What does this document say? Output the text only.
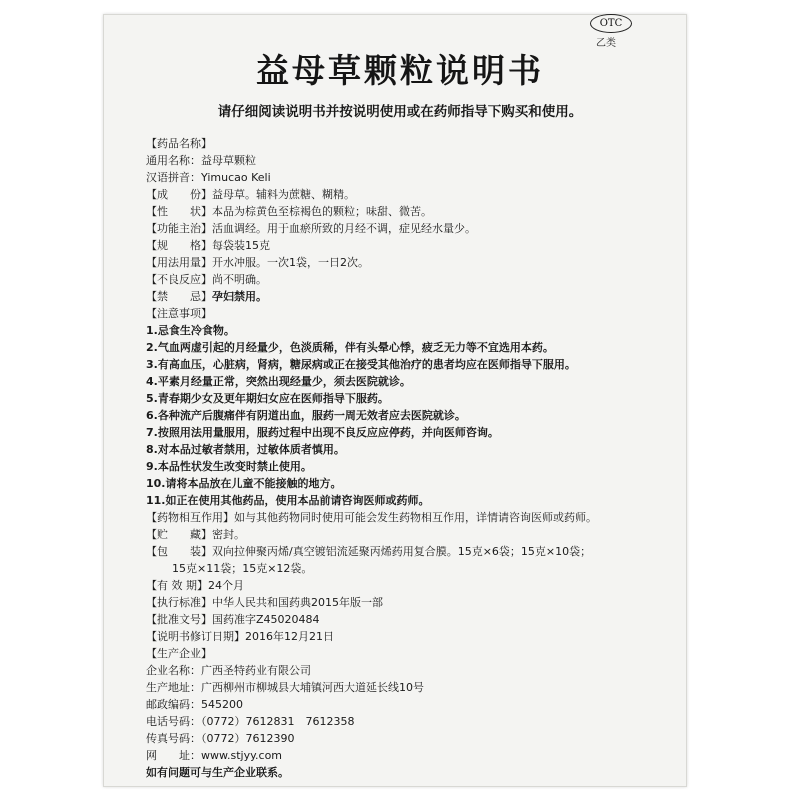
OTC
乙类
益母草颗粒说明书
请仔细阅读说明书并按说明使用或在药师指导下购买和使用。
【药品名称】
通用名称：益母草颗粒
汉语拼音：Yimucao Keli
【成　　份】益母草。辅料为蔗糖、糊精。
【性　　状】本品为棕黄色至棕褐色的颗粒；味甜、微苦。
【功能主治】活血调经。用于血瘀所致的月经不调，症见经水量少。
【规　　格】每袋装15克
【用法用量】开水冲服。一次1袋，一日2次。
【不良反应】尚不明确。
【禁　　忌】孕妇禁用。
【注意事项】
1.忌食生冷食物。
2.气血两虚引起的月经量少，色淡质稀，伴有头晕心悸，疲乏无力等不宜选用本药。
3.有高血压，心脏病，肾病，糖尿病或正在接受其他治疗的患者均应在医师指导下服用。
4.平素月经量正常，突然出现经量少，须去医院就诊。
5.青春期少女及更年期妇女应在医师指导下服药。
6.各种流产后腹痛伴有阴道出血，服药一周无效者应去医院就诊。
7.按照用法用量服用，服药过程中出现不良反应应停药，并向医师咨询。
8.对本品过敏者禁用，过敏体质者慎用。
9.本品性状发生改变时禁止使用。
10.请将本品放在儿童不能接触的地方。
11.如正在使用其他药品，使用本品前请咨询医师或药师。
【药物相互作用】如与其他药物同时使用可能会发生药物相互作用，详情请咨询医师或药师。
【贮　　藏】密封。
【包　　装】双向拉伸聚丙烯/真空镀铝流延聚丙烯药用复合膜。15克×6袋；15克×10袋；
15克×11袋；15克×12袋。
【有 效 期】24个月
【执行标准】中华人民共和国药典2015年版一部
【批准文号】国药准字Z45020484
【说明书修订日期】2016年12月21日
【生产企业】
企业名称：广西圣特药业有限公司
生产地址：广西柳州市柳城县大埔镇河西大道延长线10号
邮政编码：545200
电话号码：（0772）7612831　7612358
传真号码：（0772）7612390
网　　址：www.stjyy.com
如有问题可与生产企业联系。
